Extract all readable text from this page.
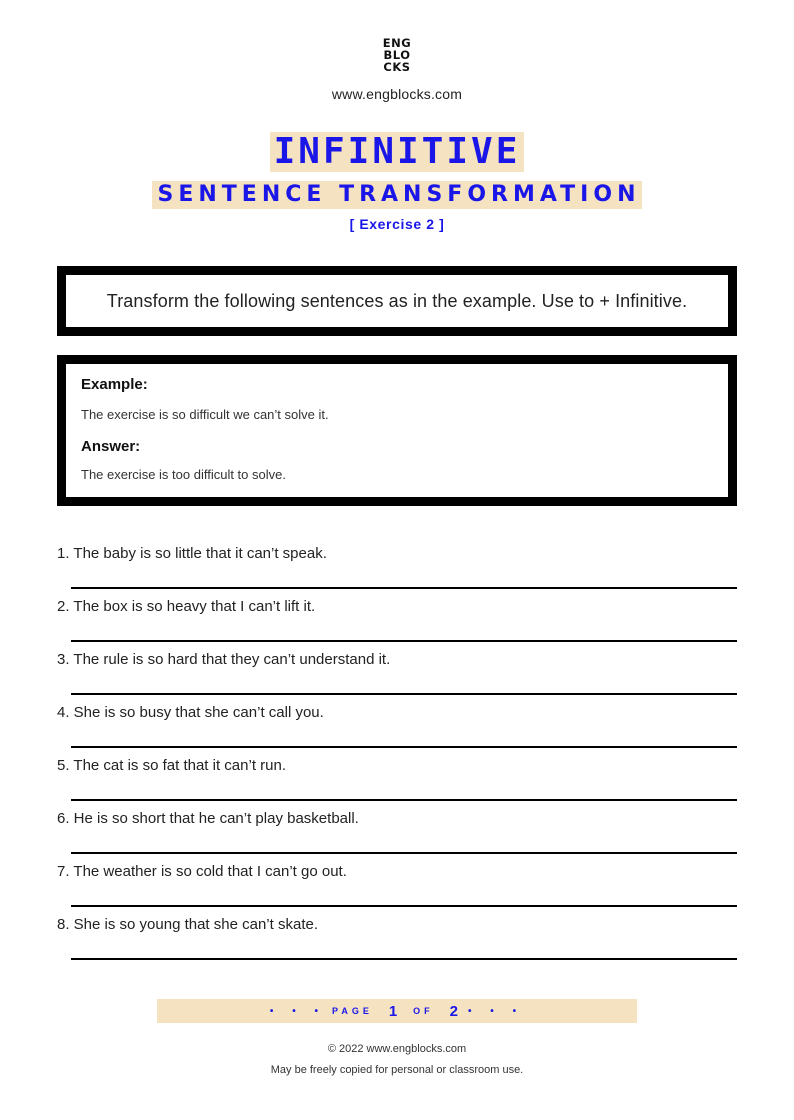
ENG
BLO
CKS
www.engblocks.com
INFINITIVE
SENTENCE TRANSFORMATION
[ Exercise 2 ]
Transform the following sentences as in the example. Use to + Infinitive.
Example:
The exercise is so difficult we can’t solve it.
Answer:
The exercise is too difficult to solve.
1. The baby is so little that it can’t speak.
2. The box is so heavy that I can’t lift it.
3. The rule is so hard that they can’t understand it.
4. She is so busy that she can’t call you.
5. The cat is so fat that it can’t run.
6. He is so short that he can’t play basketball.
7. The weather is so cold that I can’t go out.
8. She is so young that she can’t skate.
• • • PAGE 1 OF 2 • • •
© 2022 www.engblocks.com
May be freely copied for personal or classroom use.
